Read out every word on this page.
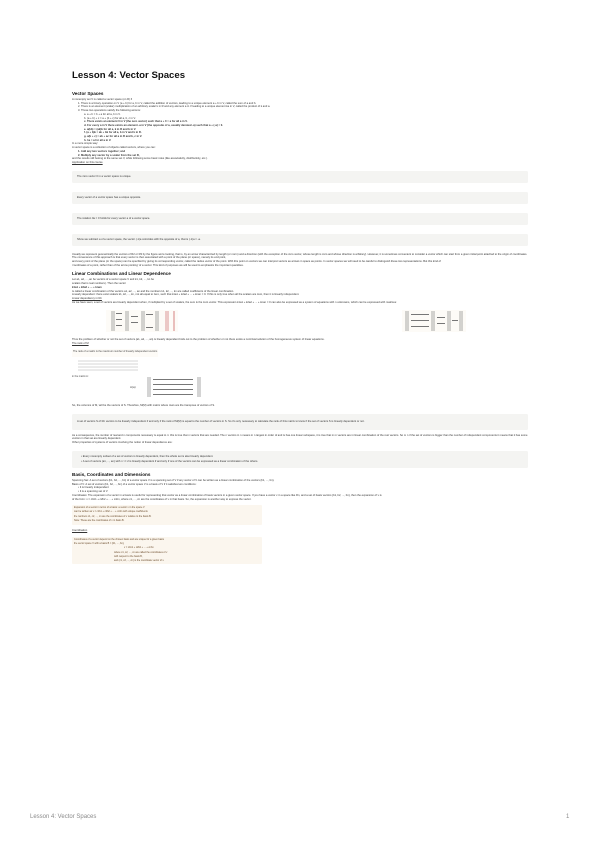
Lesson 4: Vector Spaces
Vector Spaces

A nonempty set V is called a vector space (on R) if

1. There is a binary operation on V (a + b) for a, b in V, called the addition of vectors, leading to a unique element a + b in V, called the sum of a and b.

2. There is an element (scalar) multiplication of an arbitrary scalar k in R and any element a in V leading to a unique element ka in V, called the product of k and a.

3. These two operations satisfy the following axioms:

a. a + b = b + a for all a, b in V.

b. (a + b) + c = a + (b + c) for all a, b, c in V.

c. There exists an element 0 in V (the zero vector) such that a + 0 = a for all a in V.

d. For every a in V there exists an element -a in V (the opposite of a, usually denoted -a) such that a + (-a) = 0.

e. a(kb) = (ak)b for all a, k in R and b in V.

f. (a + b)k = ak + bk for all a, b in V and k in R.

g. a(b + c) = ab + ac for all a in R and b, c in V.

h. 1a = a for all a in V.

In a more simple way:

A vector space is a collection of objects called vectors, where you can:

1. Add any two vectors together; and

2. Multiply any vector by a scalar from the set R,

and the results still belong to the same set V, while following some basic rules (like associativity, distributivity, etc.).

Application on this course

The zero vector 0 in a vector space is unique.
Every vector of a vector space has a unique opposite.
The relation 0a = 0 holds for every vector a of a vector space.
Show we subtract a of a vector space, the vector (-1)a coincides with the opposite of a, that is (-1)a = -a.

Usually we represent geometrically the vectors of R2 or R3 by the figure we're looking, that is, by an arrow characterized by length (or norm) and a direction (with the exception of the zero vector, whose length is zero and whose direction is arbitrary). However, it is sometimes convenient to consider a vector which can start from a given initial point attached to the origin of coordinates. The convenience of this approach is that every vector is then associated with a point of the plane (or space), namely its end point,

and every point of the plane (or the space) can be specified by giving its corresponding vector, called the radius vector of the point. With this point on vectors we can interpret vectors as arrows in space as points. In vector spaces we will need to be careful to distinguish these two representations. But this kind of

'coordinates of a point, rather than of the arrow pointing' of a vector. This kind of purposes we will be used to emphasize the important quantities.

Linear Combinations and Linear Dependence

Let a1, a2, ..., an be vectors of a vector space V and k1, k2, ..., kn be

scalars that is real numbers). Then the vector

k1a1 + k2a2 + ... + knan

is called a linear combination of the vectors a1, a2, ..., an and the numbers k1, k2, ..., kn are called coefficients of the linear combination.

Linearly dependent: there exist scalars k1, k2, ..., kn, not all equal to zero, such that k1a1 + k2a2 + ... + knan = 0. If this is only true when all the scalars are zero, then it is linearly independent.

Linear dependency in Rn

As we have seen, a set of vectors are linearly dependent when, if multiplied by a set of scalars, the sum is the zero vector. This expression k1a1 + k2a2 + ... + knan = 0 can also be expressed as a system of equations with n unknowns, which can be expressed with matrices:

Thus the problem of whether or not the set of vectors {a1, a2, ..., an} is linearly dependent boils out to the problem of whether or not there exists a nontrivial solution of the homogeneous system of linear equations.

The rank of M

The rank of a matrix is the maximum number of linearly independent vectors
in the matrix A:
A(a)

So, the columns of M, will be the vectors of S. Therefore, M(M) with matrix where rows are the transpose of vectors of S.

A set of vectors S of Rn vectors to be linearly independent if and only if the rank of M(M) is equal to the number of vectors in S. So it's only necessary to calculate the rank of this matrix to know if the set of vectors S is linearly dependent or not.

As a consequence, the number of real and n components necessary is equal to n: this is true that n vectors that are needed. The n vectors in n means in n largest in order of and is has one linear subspace, it is true that in m vectors are in linear combination of the rest vectors. So m n if the set of vectors is bigger than the number of independent components it means that it has some vectors in that set are linearly dependent.

Other properties of systems of vectors involving the notion of linear dependence are:

• Every nonempty subset of a set of vectors is linearly dependent, then the whole set is also linearly dependent.

• A set of vectors {a1, ..., an} with n >= 2 is linearly dependent if and only if one of the vectors can be expressed as a linear combination of the others.

Basis, Coordinates and Dimensions

Spanning Set: A set of vectors {b1, b2, ..., bn} of a vector space V is a spanning set of V if any vector of V can be written as a linear combination of the vectors {b1, ..., bn}.

Basis of V: A set of vectors {b1, b2, ..., bn} of a vector space V is a basis of V if it satisfies two conditions:

• It is linearly independent

• It is a spanning set of V

Coordinates: The expansion of a vector in a basis is useful for representing that vector as a linear combination of basis vectors in a given vector space. If you have a vector v in a space like Rn, and a set of basis vectors {b1, b2, ..., bn}, then the expansion of v is

of the form: v = c1b1 + c2b2 + ... + cnbn, where c1, ..., cn are the coordinates of v in that basis. So, the expansion is another way to express the vector.

Expansion of a vector in terms of a basis: a vector v in the space V
can be written as v = c1b1 + c2b2 + ... + cnbn with unique coefficients
the numbers c1, c2, ..., cn are the coordinates of v relative to the basis B.
Note: These are the coordinates of v in basis B.

Coordination

Coordinates of a vector depend on the chosen basis and are unique for a given basis
the vector space V with a basis B = {b1, ..., bn},
v = c1b1 + c2b2 + ... + cnbn
where c1, c2, ..., cn are called the coordinates of v
with respect to the basis B,
and (c1, c2, ..., cn) is the coordinate vector of v.
Lesson 4: Vector Spaces	1
